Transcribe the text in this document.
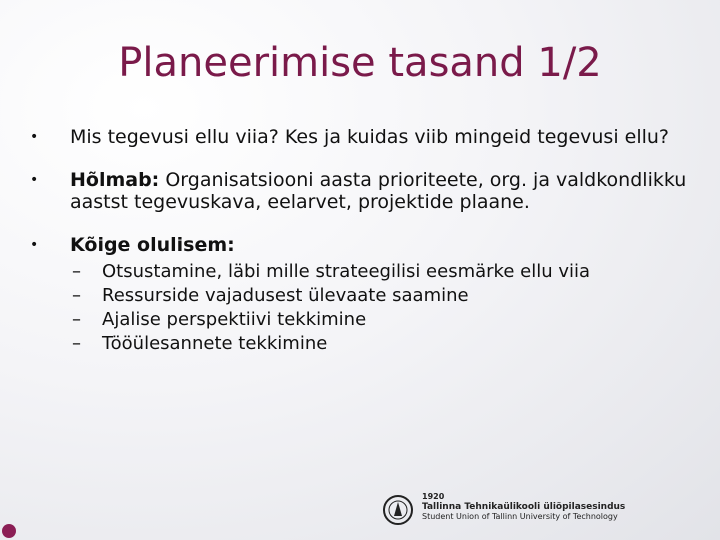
Planeerimise tasand 1/2
•	Mis tegevusi ellu viia? Kes ja kuidas viib mingeid tegevusi ellu?
•	Hõlmab: Organisatsiooni aasta prioriteete, org. ja valdkondlikku aastst tegevuskava, eelarvet, projektide plaane.
•	Kõige olulisem:
– Otsustamine, läbi mille strateegilisi eesmärke ellu viia
– Ressurside vajadusest ülevaate saamine
– Ajalise perspektiivi tekkimine
– Tööülesannete tekkimine
1920
Tallinna Tehnikaülikooli üliõpilasesindus
Student Union of Tallinn University of Technology
